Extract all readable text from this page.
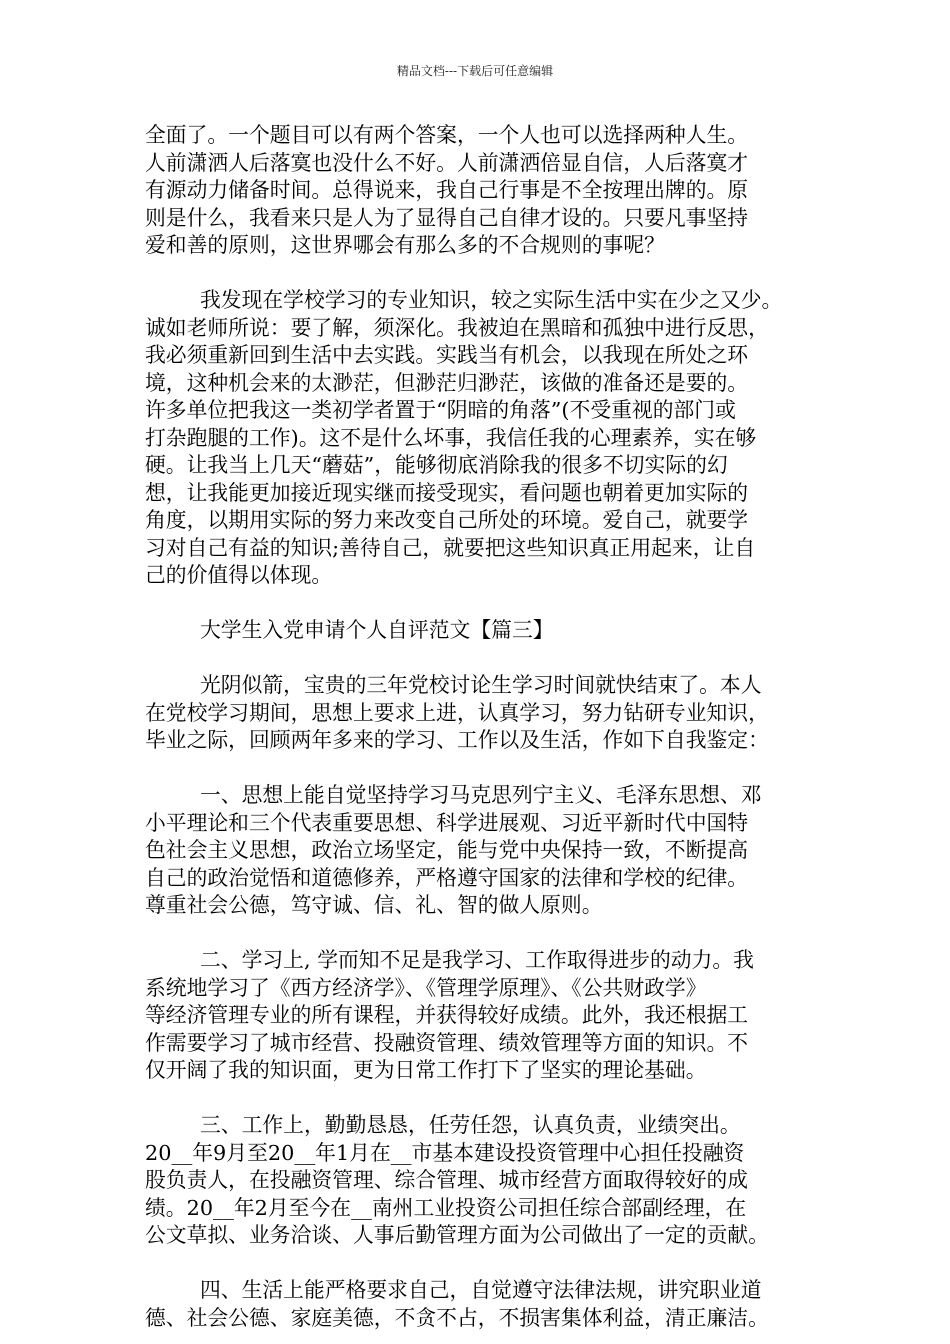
精品文档---下载后可任意编辑
全面了。一个题目可以有两个答案，一个人也可以选择两种人生。
人前潇洒人后落寞也没什么不好。人前潇洒倍显自信，人后落寞才
有源动力储备时间。总得说来，我自己行事是不全按理出牌的。原
则是什么，我看来只是人为了显得自己自律才设的。只要凡事坚持
爱和善的原则，这世界哪会有那么多的不合规则的事呢？
我发现在学校学习的专业知识，较之实际生活中实在少之又少。
诚如老师所说：要了解，须深化。我被迫在黑暗和孤独中进行反思，
我必须重新回到生活中去实践。实践当有机会，以我现在所处之环
境，这种机会来的太渺茫，但渺茫归渺茫，该做的准备还是要的。
许多单位把我这一类初学者置于“阴暗的角落”(不受重视的部门或
打杂跑腿的工作)。这不是什么坏事，我信任我的心理素养，实在够
硬。让我当上几天“蘑菇”，能够彻底消除我的很多不切实际的幻
想，让我能更加接近现实继而接受现实，看问题也朝着更加实际的
角度，以期用实际的努力来改变自己所处的环境。爱自己，就要学
习对自己有益的知识;善待自己，就要把这些知识真正用起来，让自
己的价值得以体现。
大学生入党申请个人自评范文【篇三】
光阴似箭，宝贵的三年党校讨论生学习时间就快结束了。本人
在党校学习期间，思想上要求上进，认真学习，努力钻研专业知识，
毕业之际，回顾两年多来的学习、工作以及生活，作如下自我鉴定：
一、思想上能自觉坚持学习马克思列宁主义、毛泽东思想、邓
小平理论和三个代表重要思想、科学进展观、习近平新时代中国特
色社会主义思想，政治立场坚定，能与党中央保持一致，不断提高
自己的政治觉悟和道德修养，严格遵守国家的法律和学校的纪律。
尊重社会公德，笃守诚、信、礼、智的做人原则。
二、学习上, 学而知不足是我学习、工作取得进步的动力。我
系统地学习了《西方经济学》、《管理学原理》、《公共财政学》
等经济管理专业的所有课程，并获得较好成绩。此外，我还根据工
作需要学习了城市经营、投融资管理、绩效管理等方面的知识。不
仅开阔了我的知识面，更为日常工作打下了坚实的理论基础。
三、工作上，勤勤恳恳，任劳任怨，认真负责，业绩突出。
20__年9月至20__年1月在__市基本建设投资管理中心担任投融资
股负责人，在投融资管理、综合管理、城市经营方面取得较好的成
绩。20__年2月至今在__南州工业投资公司担任综合部副经理，在
公文草拟、业务洽谈、人事后勤管理方面为公司做出了一定的贡献。
四、生活上能严格要求自己，自觉遵守法律法规，讲究职业道
德、社会公德、家庭美德，不贪不占，不损害集体利益，清正廉洁。
